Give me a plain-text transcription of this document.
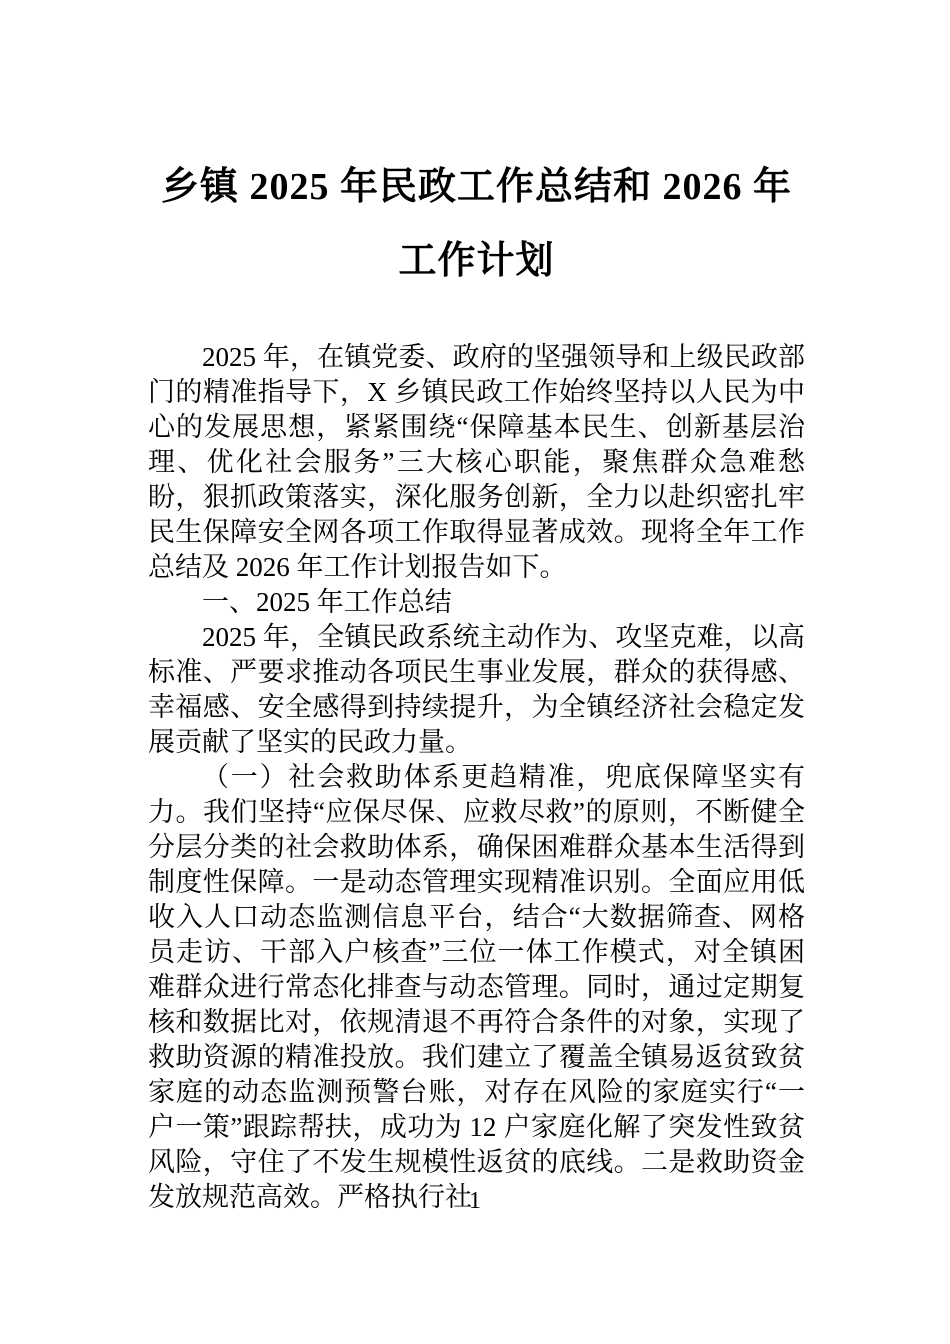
乡镇 2025 年民政工作总结和 2026 年工作计划

2025 年，在镇党委、政府的坚强领导和上级民政部门的精准指导下，X 乡镇民政工作始终坚持以人民为中心的发展思想，紧紧围绕“保障基本民生、创新基层治理、优化社会服务”三大核心职能，聚焦群众急难愁盼，狠抓政策落实，深化服务创新，全力以赴织密扎牢民生保障安全网各项工作取得显著成效。现将全年工作总结及 2026 年工作计划报告如下。

一、2025 年工作总结

2025 年，全镇民政系统主动作为、攻坚克难，以高标准、严要求推动各项民生事业发展，群众的获得感、幸福感、安全感得到持续提升，为全镇经济社会稳定发展贡献了坚实的民政力量。

（一）社会救助体系更趋精准，兜底保障坚实有力。我们坚持“应保尽保、应救尽救”的原则，不断健全分层分类的社会救助体系，确保困难群众基本生活得到制度性保障。一是动态管理实现精准识别。全面应用低收入人口动态监测信息平台，结合“大数据筛查、网格员走访、干部入户核查”三位一体工作模式，对全镇困难群众进行常态化排查与动态管理。同时，通过定期复核和数据比对，依规清退不再符合条件的对象，实现了救助资源的精准投放。我们建立了覆盖全镇易返贫致贫家庭的动态监测预警台账，对存在风险的家庭实行“一户一策”跟踪帮扶，成功为 12 户家庭化解了突发性致贫风险，守住了不发生规模性返贫的底线。二是救助资金发放规范高效。严格执行社

1
